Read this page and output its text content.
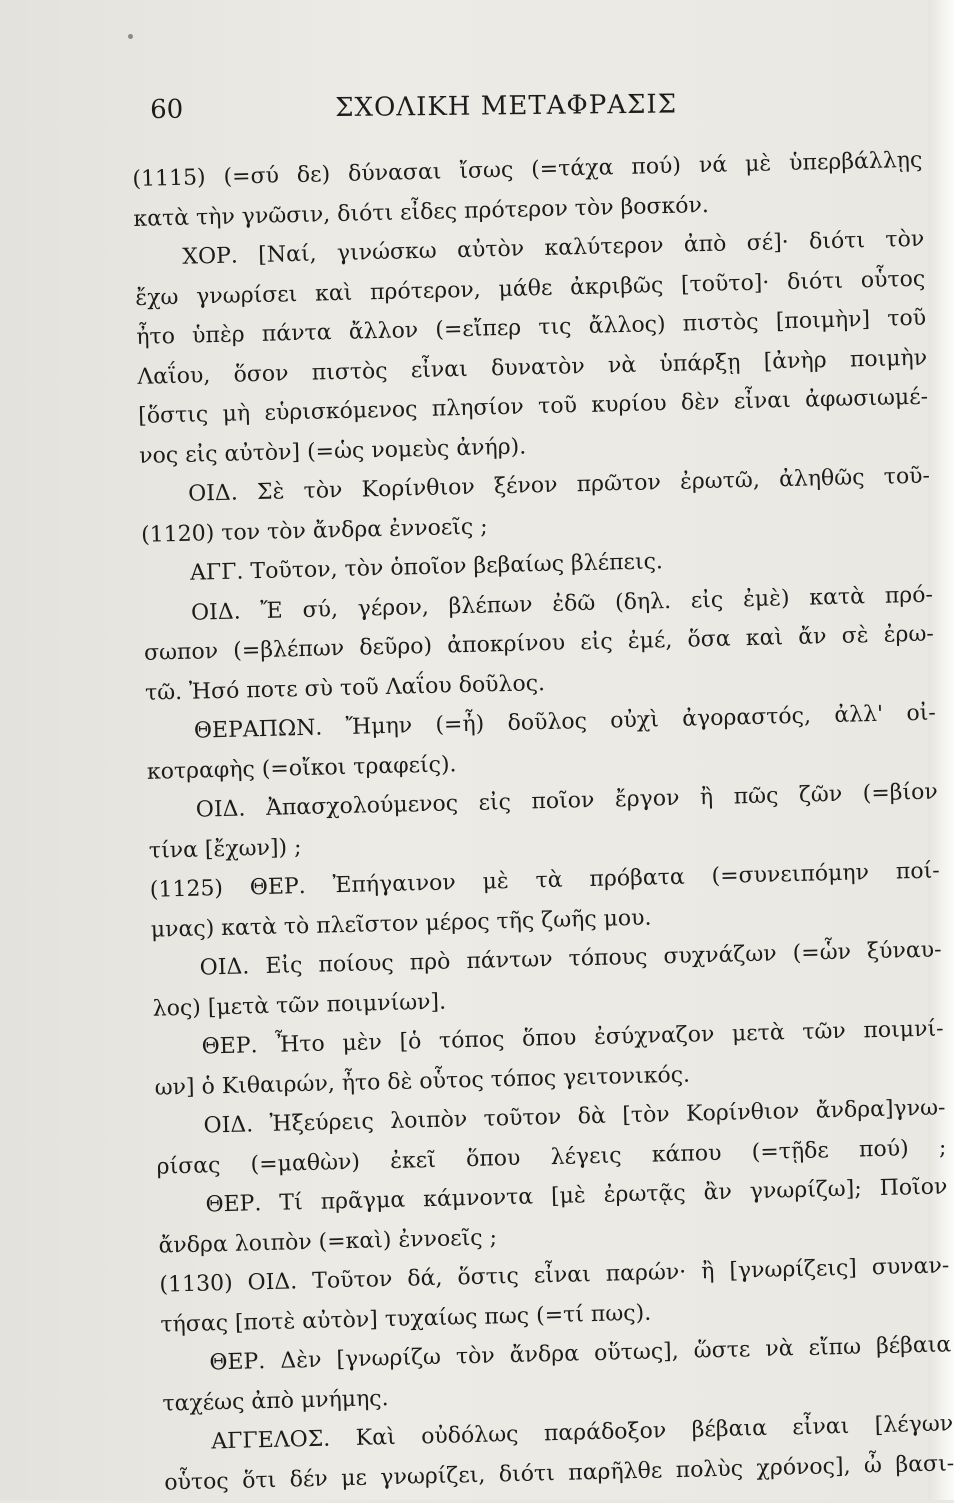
60	ΣΧΟΛΙΚΗ ΜΕΤΑΦΡΑΣΙΣ
(1115) (=σύ δε) δύνασαι ἴσως (=τάχα πού) νά μὲ ὑπερβάλλῃς
κατὰ τὴν γνῶσιν, διότι εἶδες πρότερον τὸν βοσκόν.
ΧΟΡ. [Ναί, γινώσκω αὐτὸν καλύτερον ἀπὸ σέ]· διότι τὸν
ἔχω γνωρίσει καὶ πρότερον, μάθε ἀκριβῶς [τοῦτο]· διότι οὗτος
ἦτο ὑπὲρ πάντα ἄλλον (=εἴπερ τις ἄλλος) πιστὸς [ποιμὴν] τοῦ
Λαΐου, ὅσον πιστὸς εἶναι δυνατὸν νὰ ὑπάρξῃ [ἀνὴρ ποιμὴν
[ὅστις μὴ εὑρισκόμενος πλησίον τοῦ κυρίου δὲν εἶναι ἀφωσιωμέ-
νος εἰς αὐτὸν] (=ὡς νομεὺς ἀνήρ).
ΟΙΔ. Σὲ τὸν Κορίνθιον ξένον πρῶτον ἐρωτῶ, ἀληθῶς τοῦ-
(1120) τον τὸν ἄνδρα ἐννοεῖς ;
ΑΓΓ. Τοῦτον, τὸν ὁποῖον βεβαίως βλέπεις.
ΟΙΔ. Ἔ σύ, γέρον, βλέπων ἐδῶ (δηλ. εἰς ἐμὲ) κατὰ πρό-
σωπον (=βλέπων δεῦρο) ἀποκρίνου εἰς ἐμέ, ὅσα καὶ ἄν σὲ ἐρω-
τῶ. Ἠσό ποτε σὺ τοῦ Λαΐου δοῦλος.
ΘΕΡΑΠΩΝ. Ἤμην (=ἦ) δοῦλος οὐχὶ ἀγοραστός, ἀλλ' οἰ-
κοτραφὴς (=οἴκοι τραφείς).
ΟΙΔ. Ἀπασχολούμενος εἰς ποῖον ἔργον ἢ πῶς ζῶν (=βίον
τίνα [ἔχων]) ;
(1125) ΘΕΡ. Ἐπήγαινον μὲ τὰ πρόβατα (=συνειπόμην ποί-
μνας) κατὰ τὸ πλεῖστον μέρος τῆς ζωῆς μου.
ΟΙΔ. Εἰς ποίους πρὸ πάντων τόπους συχνάζων (=ὧν ξύναυ-
λος) [μετὰ τῶν ποιμνίων].
ΘΕΡ. Ἦτο μὲν [ὁ τόπος ὅπου ἐσύχναζον μετὰ τῶν ποιμνί-
ων] ὁ Κιθαιρών, ἦτο δὲ οὗτος τόπος γειτονικός.
ΟΙΔ. Ἠξεύρεις λοιπὸν τοῦτον δὰ [τὸν Κορίνθιον ἄνδρα]γνω-
ρίσας (=μαθὼν) ἐκεῖ ὅπου λέγεις κάπου (=τῇδε πού) ;
ΘΕΡ. Τί πρᾶγμα κάμνοντα [μὲ ἐρωτᾷς ἂν γνωρίζω]; Ποῖον
ἄνδρα λοιπὸν (=καὶ) ἐννοεῖς ;
(1130) ΟΙΔ. Τοῦτον δά, ὅστις εἶναι παρών· ἢ [γνωρίζεις] συναν-
τήσας [ποτὲ αὐτὸν] τυχαίως πως (=τί πως).
ΘΕΡ. Δὲν [γνωρίζω τὸν ἄνδρα οὕτως], ὥστε νὰ εἴπω βέβαια
ταχέως ἀπὸ μνήμης.
ΑΓΓΕΛΟΣ. Καὶ οὐδόλως παράδοξον βέβαια εἶναι [λέγων
οὗτος ὅτι δέν με γνωρίζει, διότι παρῆλθε πολὺς χρόνος], ὦ βασι-
